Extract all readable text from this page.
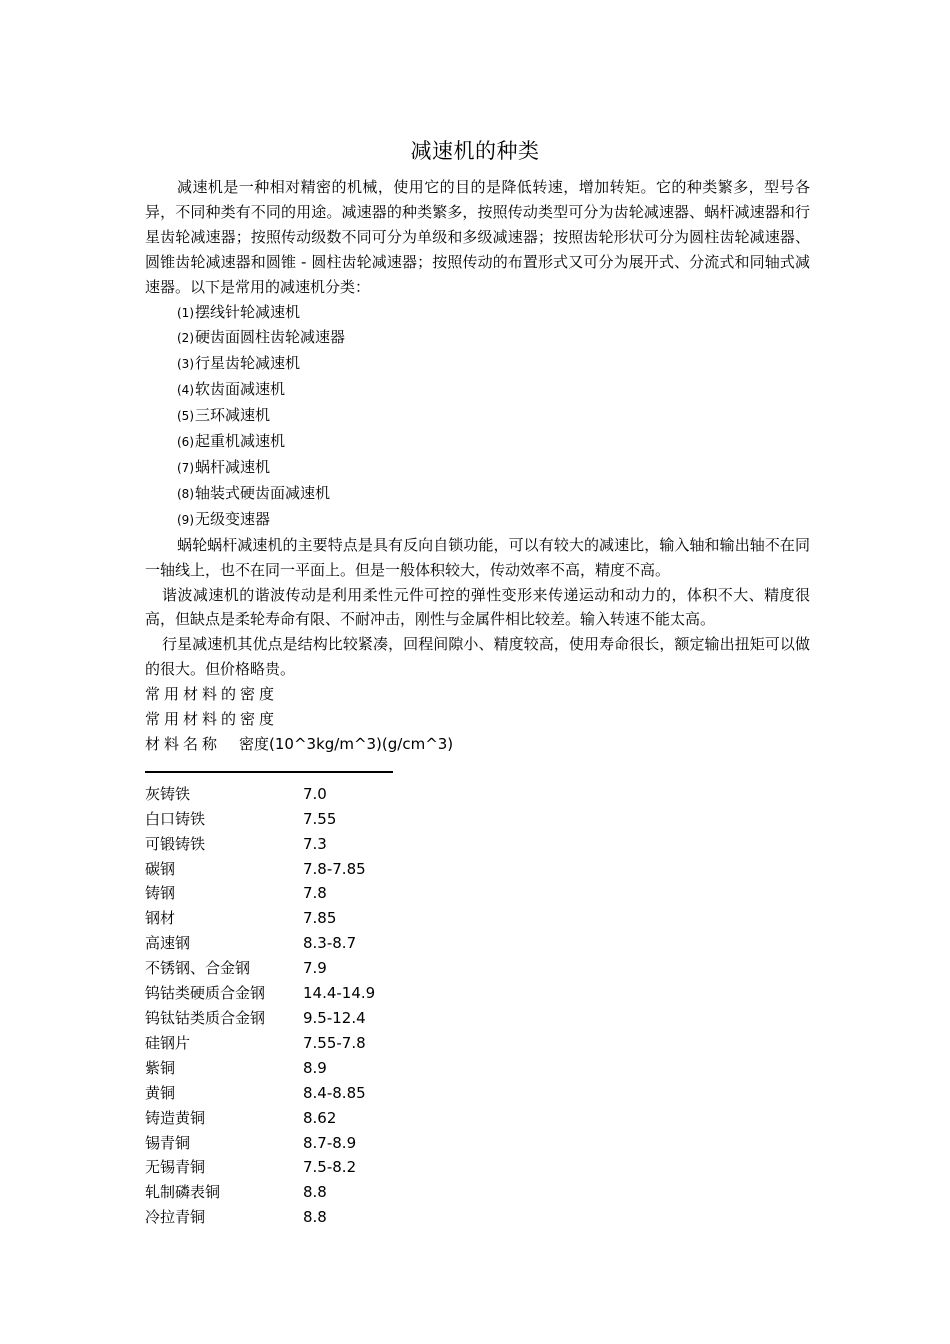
减速机的种类

减速机是一种相对精密的机械，使用它的目的是降低转速，增加转矩。它的种类繁多，型号各异，不同种类有不同的用途。减速器的种类繁多，按照传动类型可分为齿轮减速器、蜗杆减速器和行星齿轮减速器；按照传动级数不同可分为单级和多级减速器；按照齿轮形状可分为圆柱齿轮减速器、圆锥齿轮减速器和圆锥 - 圆柱齿轮减速器；按照传动的布置形式又可分为展开式、分流式和同轴式减速器。以下是常用的减速机分类：

(1)摆线针轮减速机
(2)硬齿面圆柱齿轮减速器
(3)行星齿轮减速机
(4)软齿面减速机
(5)三环减速机
(6)起重机减速机
(7)蜗杆减速机
(8)轴装式硬齿面减速机
(9)无级变速器

蜗轮蜗杆减速机的主要特点是具有反向自锁功能，可以有较大的减速比，输入轴和输出轴不在同一轴线上，也不在同一平面上。但是一般体积较大，传动效率不高，精度不高。

谐波减速机的谐波传动是利用柔性元件可控的弹性变形来传递运动和动力的，体积不大、精度很高，但缺点是柔轮寿命有限、不耐冲击，刚性与金属件相比较差。输入转速不能太高。

行星减速机其优点是结构比较紧凑，回程间隙小、精度较高，使用寿命很长，额定输出扭矩可以做的很大。但价格略贵。

常用材料的密度

常用材料的密度

材料名称 密度(10^3kg/m^3)(g/cm^3)

灰铸铁	7.0
白口铸铁	7.55
可锻铸铁	7.3
碳钢	7.8-7.85
铸钢	7.8
钢材	7.85
高速钢	8.3-8.7
不锈钢、合金钢	7.9
钨钴类硬质合金钢	14.4-14.9
钨钛钴类质合金钢	9.5-12.4
硅钢片	7.55-7.8
紫铜	8.9
黄铜	8.4-8.85
铸造黄铜	8.62
锡青铜	8.7-8.9
无锡青铜	7.5-8.2
轧制磷表铜	8.8
冷拉青铜	8.8
